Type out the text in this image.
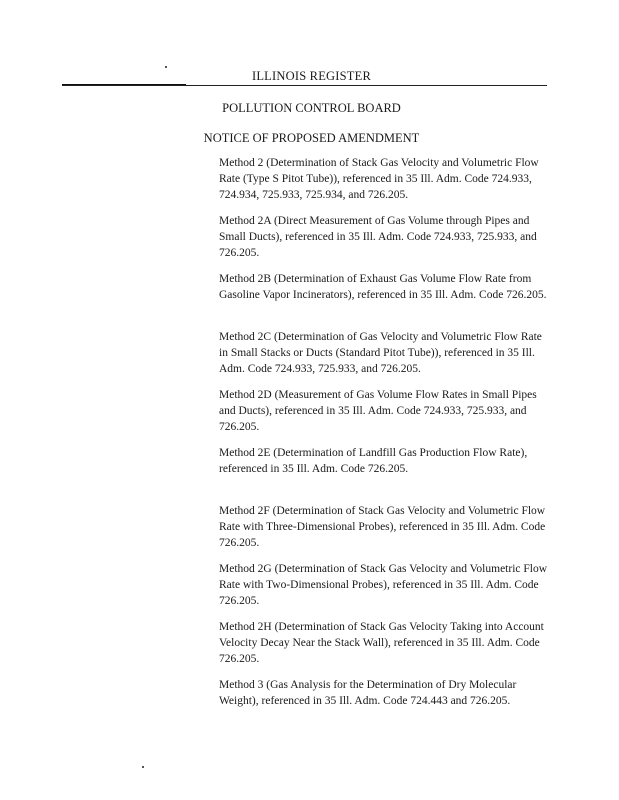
ILLINOIS REGISTER
POLLUTION CONTROL BOARD
NOTICE OF PROPOSED AMENDMENT
Method 2 (Determination of Stack Gas Velocity and Volumetric Flow Rate (Type S Pitot Tube)), referenced in 35 Ill. Adm. Code 724.933, 724.934, 725.933, 725.934, and 726.205.
Method 2A (Direct Measurement of Gas Volume through Pipes and Small Ducts), referenced in 35 Ill. Adm. Code 724.933, 725.933, and 726.205.
Method 2B (Determination of Exhaust Gas Volume Flow Rate from Gasoline Vapor Incinerators), referenced in 35 Ill. Adm. Code 726.205.
Method 2C (Determination of Gas Velocity and Volumetric Flow Rate in Small Stacks or Ducts (Standard Pitot Tube)), referenced in 35 Ill. Adm. Code 724.933, 725.933, and 726.205.
Method 2D (Measurement of Gas Volume Flow Rates in Small Pipes and Ducts), referenced in 35 Ill. Adm. Code 724.933, 725.933, and 726.205.
Method 2E (Determination of Landfill Gas Production Flow Rate), referenced in 35 Ill. Adm. Code 726.205.
Method 2F (Determination of Stack Gas Velocity and Volumetric Flow Rate with Three-Dimensional Probes), referenced in 35 Ill. Adm. Code 726.205.
Method 2G (Determination of Stack Gas Velocity and Volumetric Flow Rate with Two-Dimensional Probes), referenced in 35 Ill. Adm. Code 726.205.
Method 2H (Determination of Stack Gas Velocity Taking into Account Velocity Decay Near the Stack Wall), referenced in 35 Ill. Adm. Code 726.205.
Method 3 (Gas Analysis for the Determination of Dry Molecular Weight), referenced in 35 Ill. Adm. Code 724.443 and 726.205.
